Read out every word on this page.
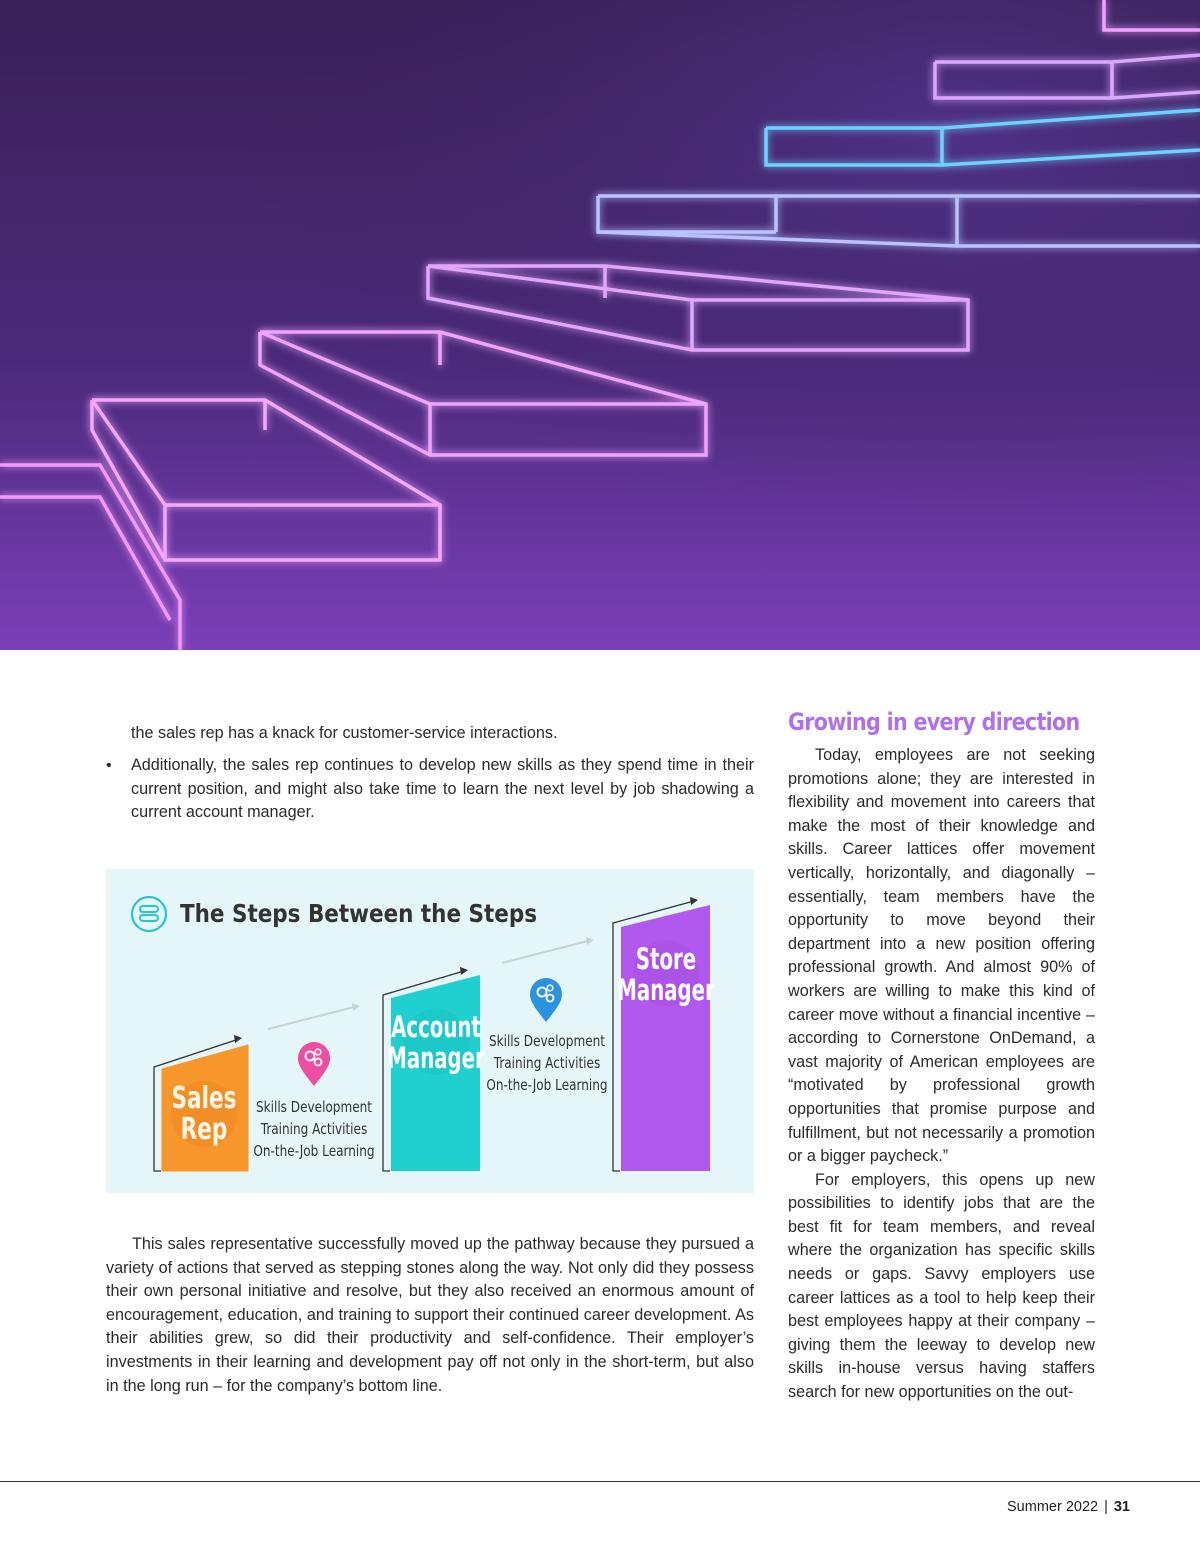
the sales rep has a knack for customer-service interactions.

•	Additionally, the sales rep continues to develop new skills as they spend time in their current position, and might also take time to learn the next level by job shadowing a current account manager.

The Steps Between the Steps
Sales
Rep
Skills Development
Training Activities
On-the-Job Learning
Account
Manager Skills Development
Training Activities
On-the-Job Learning
Store
Manager

This sales representative successfully moved up the pathway because they pursued a variety of actions that served as stepping stones along the way. Not only did they possess their own personal initiative and resolve, but they also received an enormous amount of encouragement, education, and training to support their continued career development. As their abilities grew, so did their productivity and self-confidence. Their employer’s investments in their learning and development pay off not only in the short-term, but also in the long run – for the company’s bottom line.

Growing in every direction

Today, employees are not seeking promotions alone; they are interested in flexibility and movement into careers that make the most of their knowledge and skills. Career lattices offer movement vertically, horizontally, and diagonally – essentially, team members have the opportunity to move beyond their department into a new position offering professional growth. And almost 90% of workers are willing to make this kind of career move without a financial incentive – according to Cornerstone OnDemand, a vast majority of American employees are “motivated by professional growth opportunities that promise purpose and fulfillment, but not necessarily a promotion or a bigger paycheck.”

For employers, this opens up new possibilities to identify jobs that are the best fit for team members, and reveal where the organization has specific skills needs or gaps. Savvy employers use career lattices as a tool to help keep their best employees happy at their company – giving them the leeway to develop new skills in-house versus having staffers search for new opportunities on the out-

Summer 2022 | 31
